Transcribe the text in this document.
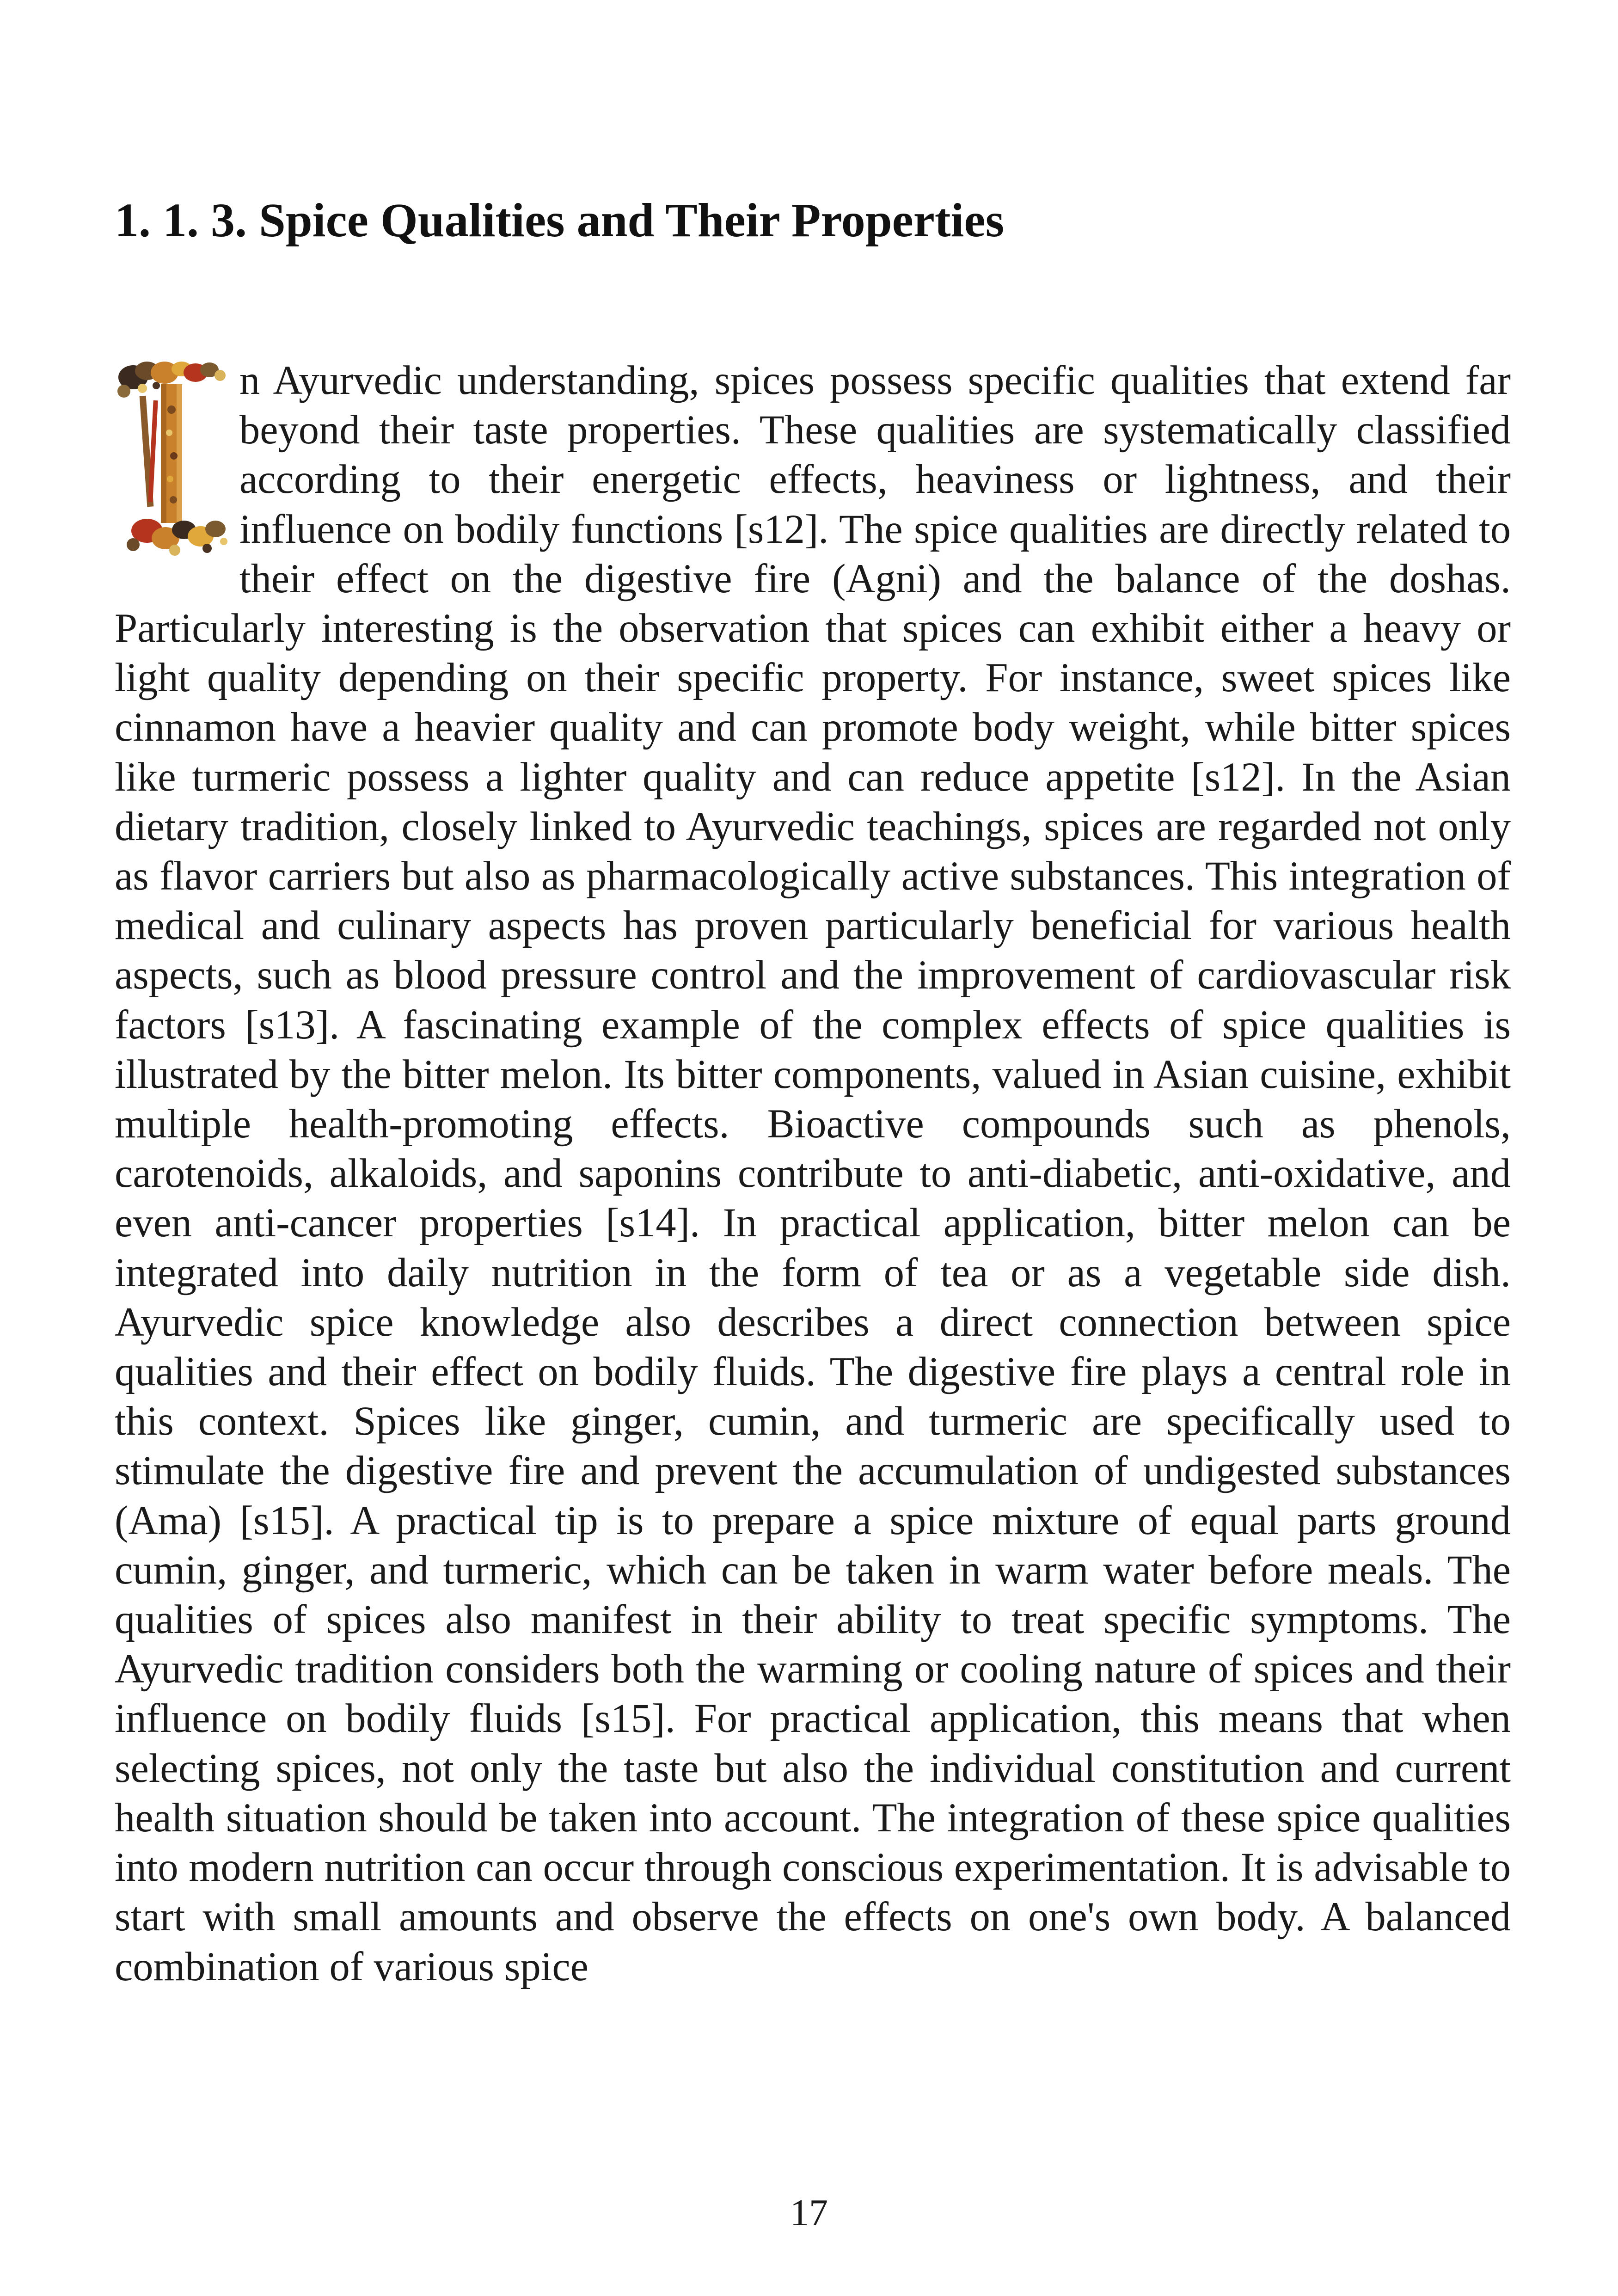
1. 1. 3. Spice Qualities and Their Properties
n Ayurvedic understanding, spices possess specific qualities that extend far beyond their taste properties. These qualities are systematically classified according to their energetic effects, heaviness or lightness, and their influence on bodily functions [s12]. The spice qualities are directly related to their effect on the digestive fire (Agni) and the balance of the doshas. Particularly interesting is the observation that spices can exhibit either a heavy or light quality depending on their specific property. For instance, sweet spices like cinnamon have a heavier quality and can promote body weight, while bitter spices like turmeric possess a lighter quality and can reduce appetite [s12]. In the Asian dietary tradition, closely linked to Ayurvedic teachings, spices are regarded not only as flavor carriers but also as pharmacologically active substances. This integration of medical and culinary aspects has proven particularly beneficial for various health aspects, such as blood pressure control and the improvement of cardiovascular risk factors [s13]. A fascinating example of the complex effects of spice qualities is illustrated by the bitter melon. Its bitter components, valued in Asian cuisine, exhibit multiple health-promoting effects. Bioactive compounds such as phenols, carotenoids, alkaloids, and saponins contribute to anti-diabetic, anti-oxidative, and even anti-cancer properties [s14]. In practical application, bitter melon can be integrated into daily nutrition in the form of tea or as a vegetable side dish. Ayurvedic spice knowledge also describes a direct connection between spice qualities and their effect on bodily fluids. The digestive fire plays a central role in this context. Spices like ginger, cumin, and turmeric are specifically used to stimulate the digestive fire and prevent the accumulation of undigested substances (Ama) [s15]. A practical tip is to prepare a spice mixture of equal parts ground cumin, ginger, and turmeric, which can be taken in warm water before meals. The qualities of spices also manifest in their ability to treat specific symptoms. The Ayurvedic tradition considers both the warming or cooling nature of spices and their influence on bodily fluids [s15]. For practical application, this means that when selecting spices, not only the taste but also the individual constitution and current health situation should be taken into account. The integration of these spice qualities into modern nutrition can occur through conscious experimentation. It is advisable to start with small amounts and observe the effects on one's own body. A balanced combination of various spice
17
